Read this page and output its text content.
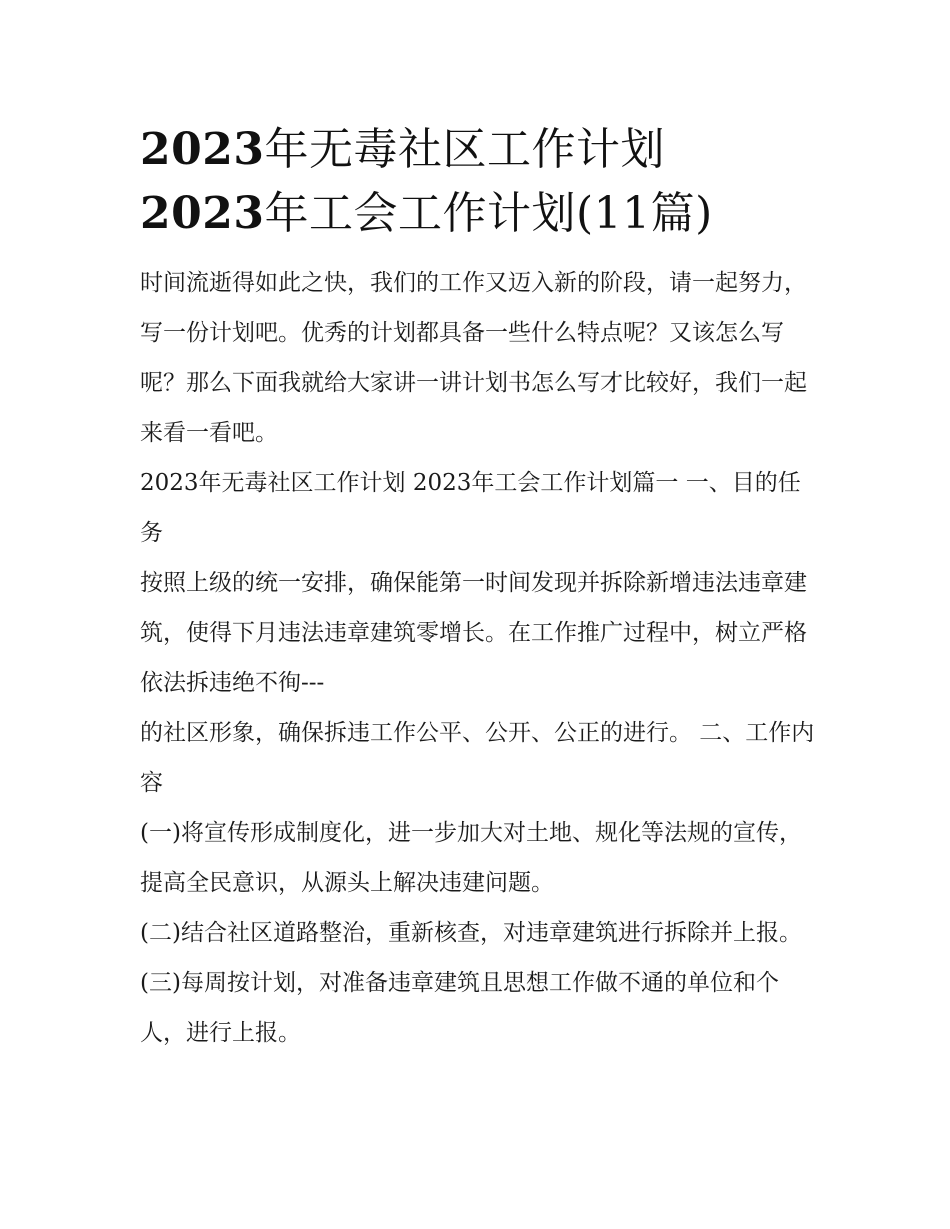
2023年无毒社区工作计划
2023年工会工作计划(11篇)

时间流逝得如此之快，我们的工作又迈入新的阶段，请一起努力，写一份计划吧。优秀的计划都具备一些什么特点呢？又该怎么写呢？那么下面我就给大家讲一讲计划书怎么写才比较好，我们一起来看一看吧。

2023年无毒社区工作计划 2023年工会工作计划篇一 一、目的任务

按照上级的统一安排，确保能第一时间发现并拆除新增违法违章建筑，使得下月违法违章建筑零增长。在工作推广过程中，树立严格依法拆违绝不徇---

的社区形象，确保拆违工作公平、公开、公正的进行。 二、工作内容

(一)将宣传形成制度化，进一步加大对土地、规化等法规的宣传，提高全民意识，从源头上解决违建问题。

(二)结合社区道路整治，重新核查，对违章建筑进行拆除并上报。 (三)每周按计划，对准备违章建筑且思想工作做不通的单位和个人，进行上报。
